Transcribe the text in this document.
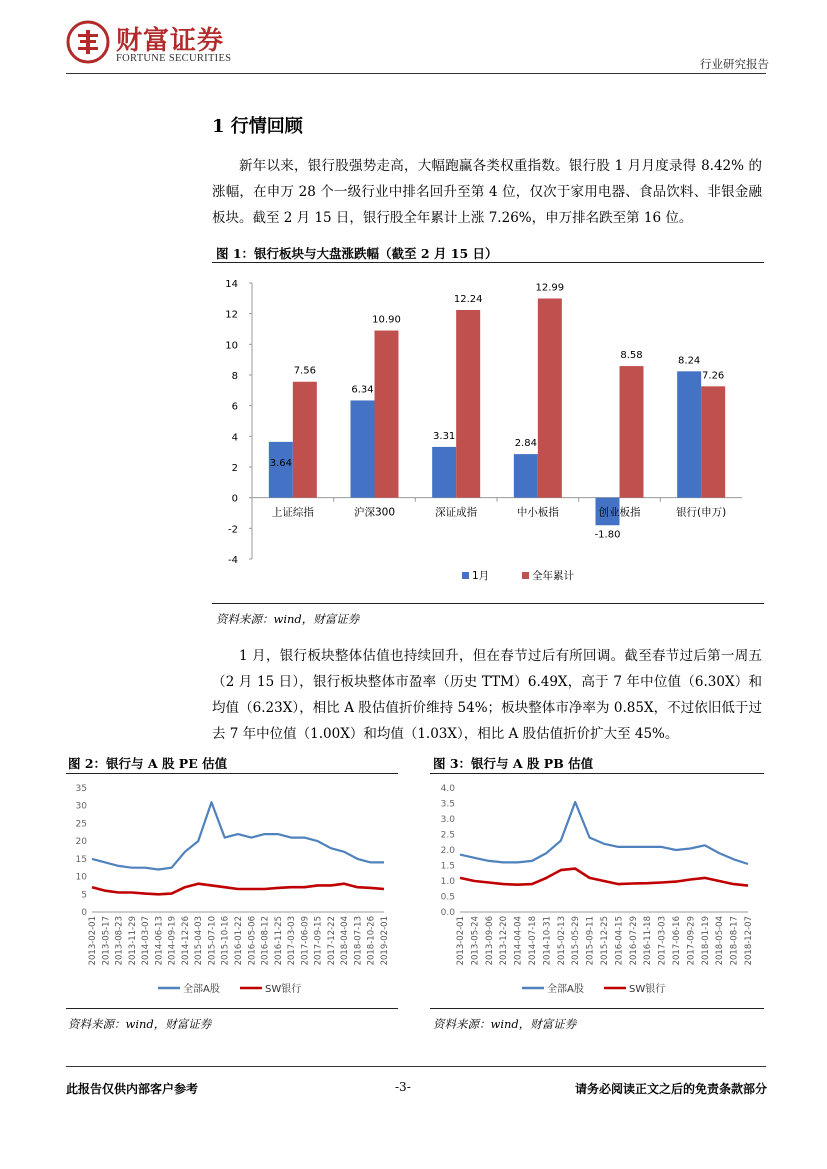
财富证券
FORTUNE SECURITIES	行业研究报告
1 行情回顾
新年以来，银行股强势走高，大幅跑赢各类权重指数。银行股 1 月月度录得 8.42% 的涨幅，在申万 28 个一级行业中排名回升至第 4 位，仅次于家用电器、食品饮料、非银金融板块。截至 2 月 15 日，银行股全年累计上涨 7.26%，申万排名跌至第 16 位。
图 1：银行板块与大盘涨跌幅（截至 2 月 15 日）
14
12
10
8
6
4
2
0
-2
-4
3.64
7.56
上证综指
6.34
10.90
沪深300
3.31
12.24
深证成指
2.84
12.99
中小板指
-1.80
8.58
创业板指
8.24
7.26
银行(申万)
1月	全年累计
资料来源：wind，财富证券
1 月，银行板块整体估值也持续回升，但在春节过后有所回调。截至春节过后第一周五（2 月 15 日），银行板块整体市盈率（历史 TTM）6.49X，高于 7 年中位值（6.30X）和均值（6.23X），相比 A 股估值折价维持 54%；板块整体市净率为 0.85X，不过依旧低于过去 7 年中位值（1.00X）和均值（1.03X），相比 A 股估值折价扩大至 45%。
图 2：银行与 A 股 PE 估值
35
30
25
20
15
10
5
0
2013-02-01 2013-05-17 2013-08-23 2013-11-29 2014-03-07 2014-06-13 2014-09-19 2014-12-26 2015-04-03 2015-07-10 2015-10-16 2016-01-22 2016-05-06 2016-08-12 2016-11-25 2017-03-03 2017-06-09 2017-09-15 2017-12-22 2018-04-04 2018-07-13 2018-10-26 2019-02-01
全部A股	SW银行
资料来源：wind，财富证券
图 3：银行与 A 股 PB 估值
4.0
3.5
3.0
2.5
2.0
1.5
1.0
0.5
0.0
2013-02-01 2013-05-24 2013-09-06 2013-12-20 2014-04-04 2014-07-18 2014-10-31 2015-02-13 2015-05-29 2015-09-11 2015-12-25 2016-04-15 2016-07-29 2016-11-18 2017-03-03 2017-06-16 2017-09-29 2018-01-19 2018-05-04 2018-08-17 2018-12-07
全部A股	SW银行
资料来源：wind，财富证券
此报告仅供内部客户参考	-3-	请务必阅读正文之后的免责条款部分
